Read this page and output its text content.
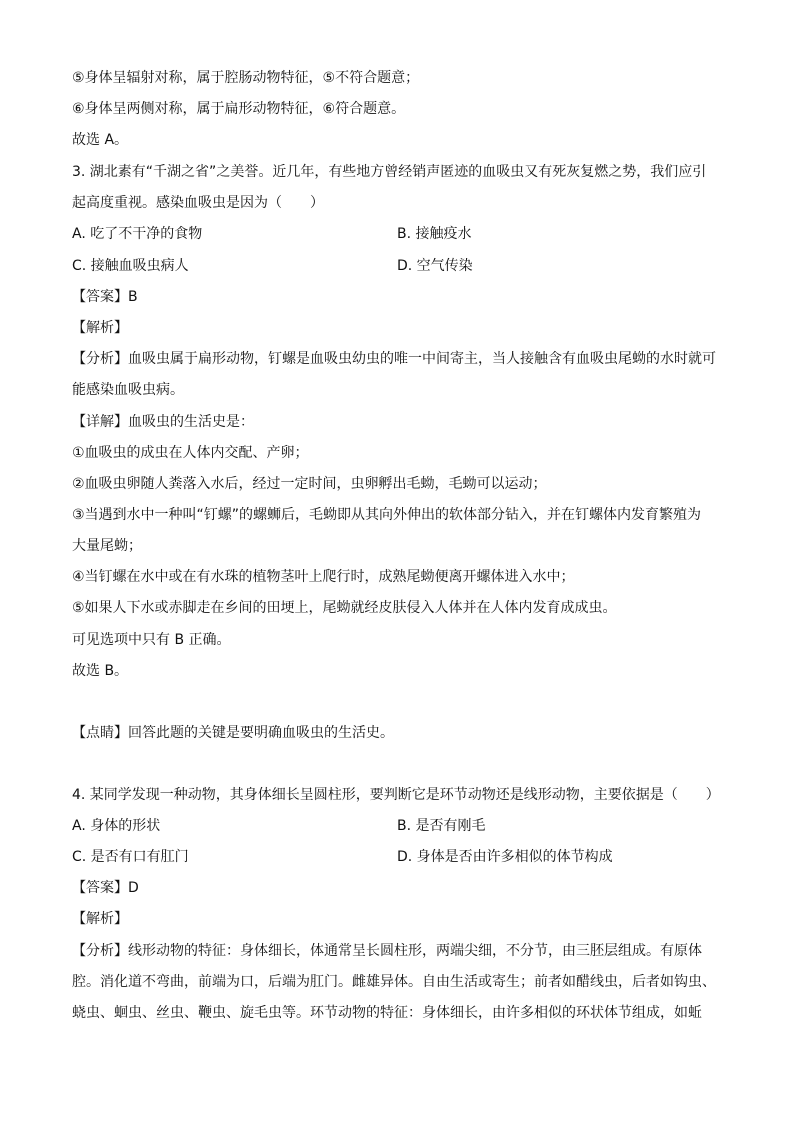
⑤身体呈辐射对称，属于腔肠动物特征，⑤不符合题意；
⑥身体呈两侧对称，属于扁形动物特征，⑥符合题意。
故选 A。
3. 湖北素有“千湖之省”之美誉。近几年，有些地方曾经销声匿迹的血吸虫又有死灰复燃之势，我们应引
起高度重视。感染血吸虫是因为（　　）
A. 吃了不干净的食物	B. 接触疫水
C. 接触血吸虫病人	D. 空气传染
【答案】B
【解析】
【分析】血吸虫属于扁形动物，钉螺是血吸虫幼虫的唯一中间寄主，当人接触含有血吸虫尾蚴的水时就可
能感染血吸虫病。
【详解】血吸虫的生活史是：
①血吸虫的成虫在人体内交配、产卵；
②血吸虫卵随人粪落入水后，经过一定时间，虫卵孵出毛蚴，毛蚴可以运动；
③当遇到水中一种叫“钉螺”的螺蛳后，毛蚴即从其向外伸出的软体部分钻入，并在钉螺体内发育繁殖为
大量尾蚴；
④当钉螺在水中或在有水珠的植物茎叶上爬行时，成熟尾蚴便离开螺体进入水中；
⑤如果人下水或赤脚走在乡间的田埂上，尾蚴就经皮肤侵入人体并在人体内发育成成虫。
可见选项中只有 B 正确。
故选 B。
【点睛】回答此题的关键是要明确血吸虫的生活史。
4. 某同学发现一种动物，其身体细长呈圆柱形，要判断它是环节动物还是线形动物，主要依据是（　　）
A. 身体的形状	B. 是否有刚毛
C. 是否有口有肛门	D. 身体是否由许多相似的体节构成
【答案】D
【解析】
【分析】线形动物的特征：身体细长，体通常呈长圆柱形，两端尖细，不分节，由三胚层组成。有原体
腔。消化道不弯曲，前端为口，后端为肛门。雌雄异体。自由生活或寄生；前者如醋线虫，后者如钩虫、
蛲虫、蛔虫、丝虫、鞭虫、旋毛虫等。环节动物的特征：身体细长，由许多相似的环状体节组成，如蚯
